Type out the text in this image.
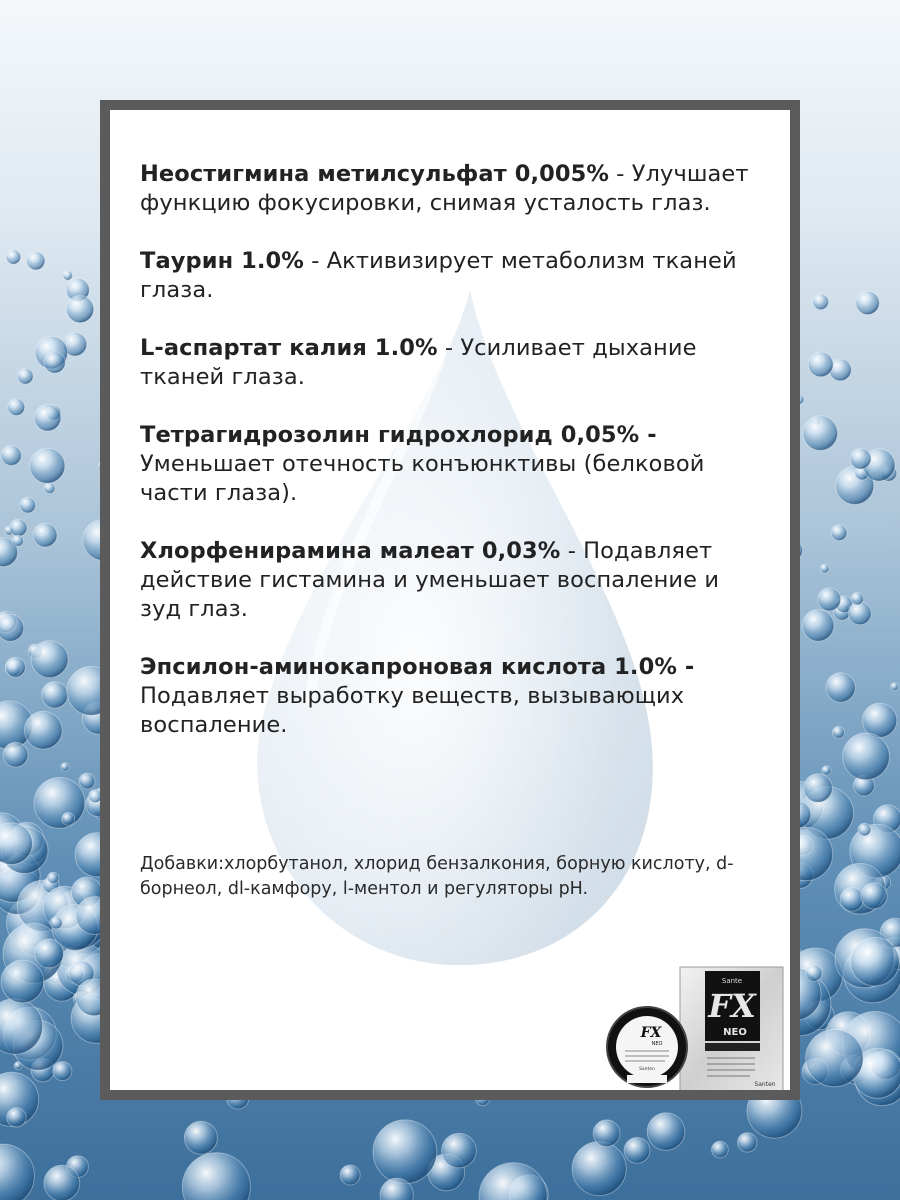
Неостигмина метилсульфат 0,005% - Улучшает функцию фокусировки, снимая усталость глаз.
Таурин 1.0% - Активизирует метаболизм тканей глаза.
L-аспартат калия 1.0% - Усиливает дыхание тканей глаза.
Тетрагидрозолин гидрохлорид 0,05% - Уменьшает отечность конъюнктивы (белковой части глаза).
Хлорфенирамина малеат 0,03% - Подавляет действие гистамина и уменьшает воспаление и зуд глаз.
Эпсилон-аминокапроновая кислота 1.0% - Подавляет выработку веществ, вызывающих воспаление.
Добавки:хлорбутанол, хлорид бензалкония, борную кислоту, d-борнеол, dl-камфору, l-ментол и регуляторы pH.
Sante
FX
NEO
Santen
FX
NEO
Santen
